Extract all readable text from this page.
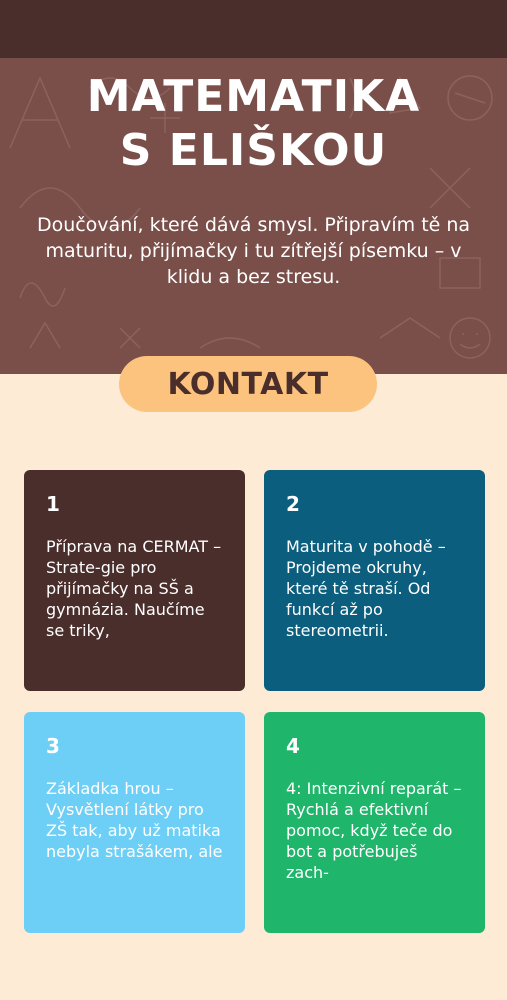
MATEMATIKA
S ELIŠKOU

Doučování, které dává smysl. Připravím tě na maturitu, přijímačky i tu zítřejší písemku – v klidu a bez stresu.

KONTAKT
1
Příprava na CERMAT – Strate-gie pro přijímačky na SŠ a gymnázia. Naučíme se triky,
2
Maturita v pohodě – Projdeme okruhy, které tě straší. Od funkcí až po stereometrii.
3
Základka hrou – Vysvětlení látky pro ZŠ tak, aby už matika nebyla strašákem, ale
4
4: Intenzivní reparát – Rychlá a efektivní pomoc, když teče do bot a potřebuješ zach-
